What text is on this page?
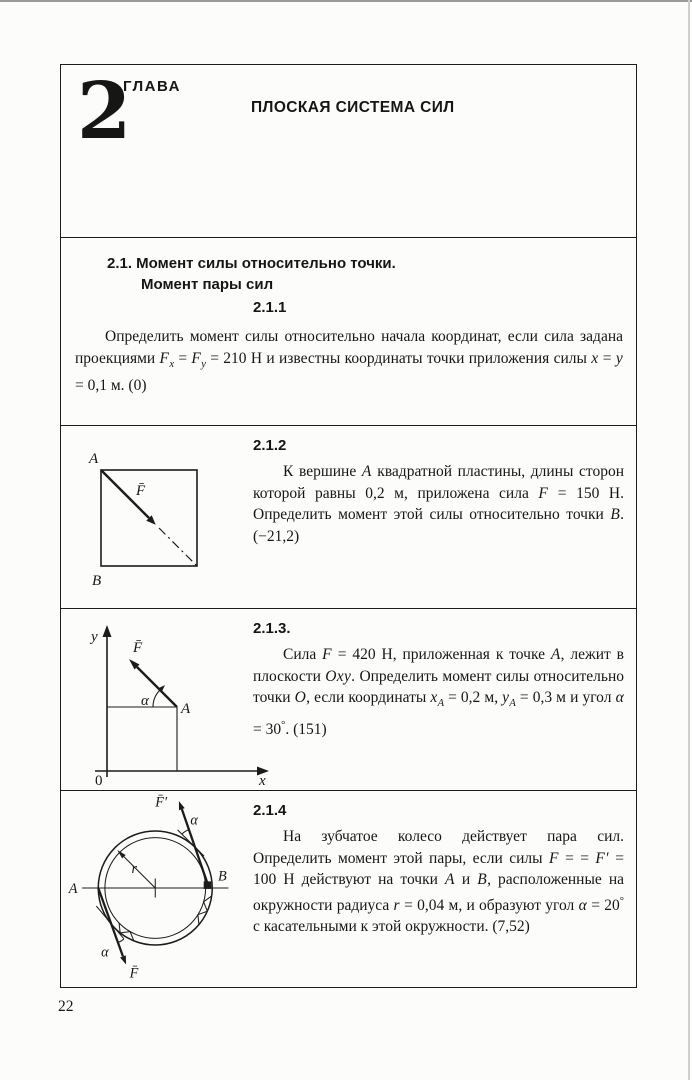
2
ГЛАВА
ПЛОСКАЯ СИСТЕМА СИЛ
2.1. Момент силы относительно точки.
Момент пары сил
2.1.1

Определить момент силы относительно начала координат, если сила задана проекциями $F_x = F_y = 210$ Н и известны координаты точки приложения силы x = y = 0,1 м. (0)

A
B
F̄
2.1.2

К вершине A квадратной пластины, длины сторон которой равны 0,2 м, приложена сила F = 150 Н. Определить момент этой силы относительно точки B. (−21,2)

y
x
0
A
F̄
α
2.1.3.

Сила F = 420 Н, приложенная к точке A, лежит в плоскости Oxy. Определить момент силы относительно точки O, если координаты $x_A = 0,2$ м, $y_A = 0,3$ м и угол α = 30°. (151)

A
B
r
F̄′
α
F̄
α
2.1.4

На зубчатое колесо действует пара сил. Определить момент этой пары, если силы F = = F′ = 100 Н действуют на точки A и B, расположенные на окружности радиуса r = 0,04 м, и образуют угол α = 20° с касательными к этой окружности. (7,52)

22
